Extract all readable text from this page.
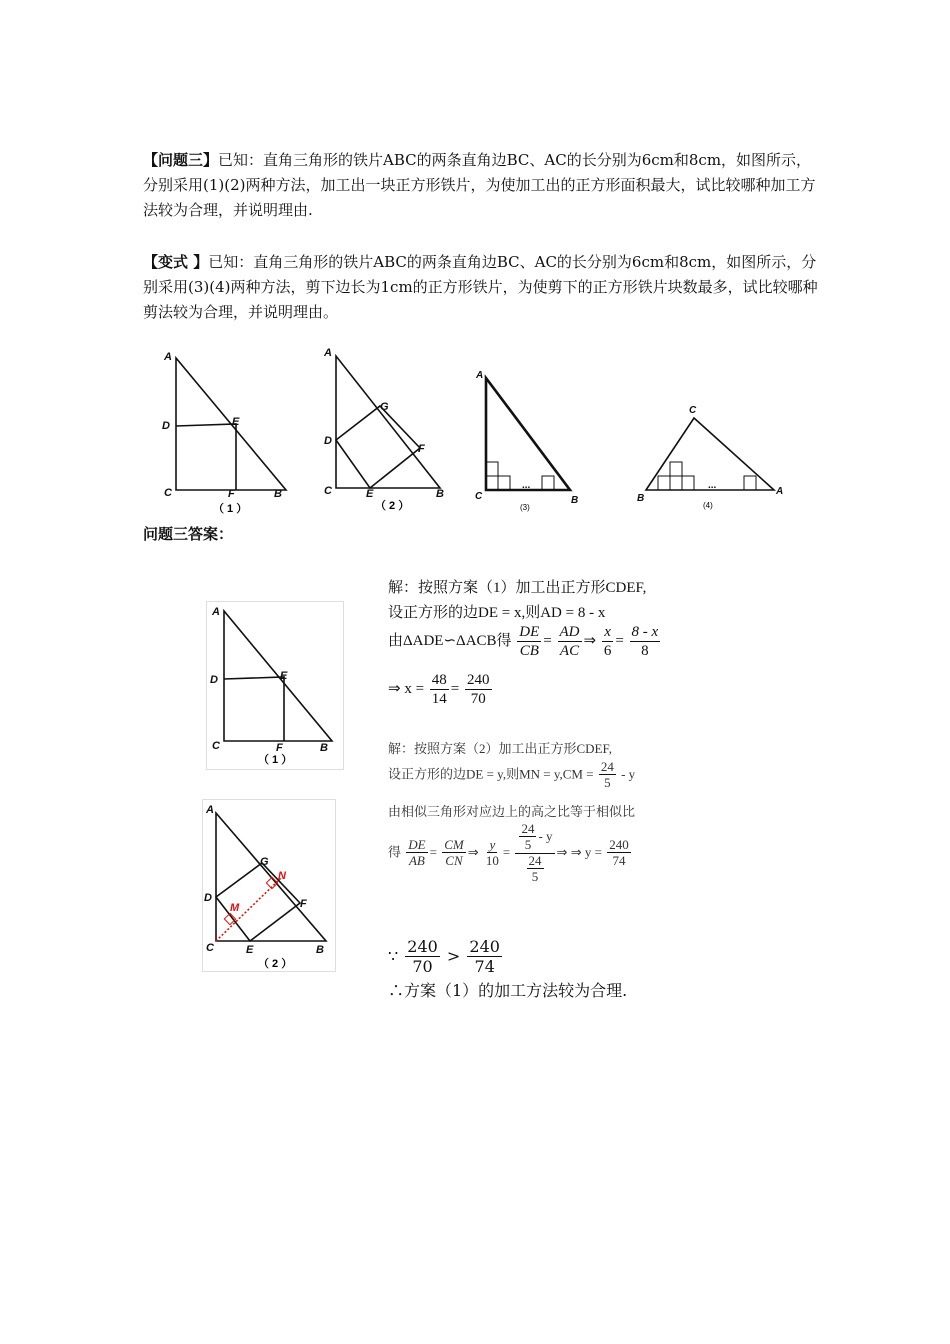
【问题三】已知：直角三角形的铁片ABC的两条直角边BC、AC的长分别为6cm和8cm，如图所示，分别采用(1)(2)两种方法，加工出一块正方形铁片，为使加工出的正方形面积最大，试比较哪种加工方法较为合理，并说明理由.
【变式 】已知：直角三角形的铁片ABC的两条直角边BC、AC的长分别为6cm和8cm，如图所示，分别采用(3)(4)两种方法，剪下边长为1cm的正方形铁片，为使剪下的正方形铁片块数最多，试比较哪种剪法较为合理，并说明理由。
A
D	E
C	F	B
（ 1 ）
A
G
D
F
C	E	B
（ 2 ）
A
C	B
...
(3)
C
B
A
...
(4)
问题三答案：
A
D	E
C	F	B
（ 1 ）
A
G
N
D
M	F
C	E	B
（ 2 ）
解：按照方案（1）加工出正方形CDEF,
设正方形的边DE = x,则AD = 8 - x
由ΔADE∽ΔACB得 $\frac{DE}{CB} = \frac{AD}{AC}$ ⇒ $\frac{x}{6} = \frac{8 - x}{8}$
⇒ $x = \frac{48}{14} = \frac{240}{70}$
解：按照方案（2）加工出正方形CDEF,
设正方形的边DE = y,则MN = $y,CM = \frac{24}{5} - y$
由相似三角形对应边上的高之比等于相似比
得 $\frac{DE}{AB} = \frac{CM}{CN}$ ⇒ $\frac{y}{10} = \frac{\frac{24}{5} - y}{\frac{24}{5}}$ ⇒ ⇒ $y = \frac{240}{74}$
∵ $\frac{240}{70} > \frac{240}{74}$
∴方案（1）的加工方法较为合理.
